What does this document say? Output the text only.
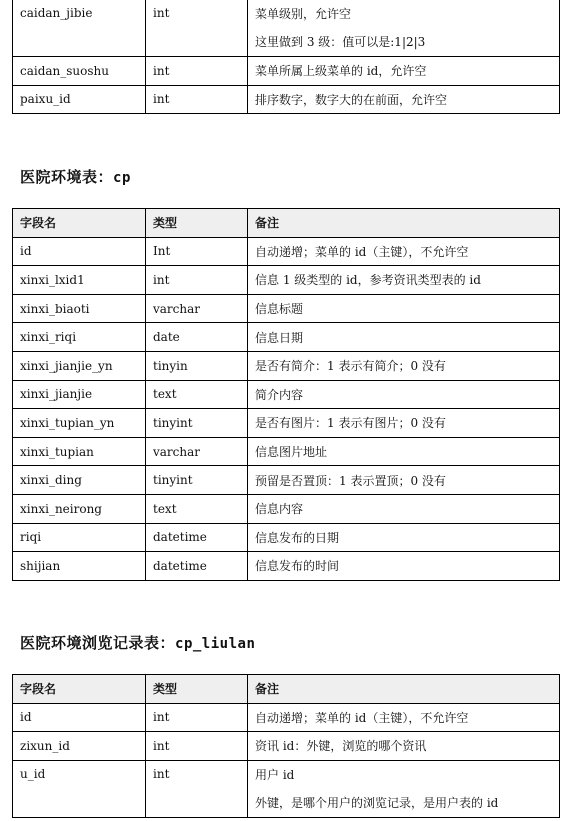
caidan_jibie	int	菜单级别，允许空
这里做到 3 级：值可以是:1|2|3

caidan_suoshu	int	菜单所属上级菜单的 id，允许空
paixu_id	int	排序数字，数字大的在前面，允许空
医院环境表：cp
字段名	类型	备注
id	Int	自动递增；菜单的 id（主键），不允许空
xinxi_lxid1	int	信息 1 级类型的 id，参考资讯类型表的 id
xinxi_biaoti	varchar	信息标题
xinxi_riqi	date	信息日期
xinxi_jianjie_yn	tinyin	是否有简介：1 表示有简介；0 没有
xinxi_jianjie	text	简介内容
xinxi_tupian_yn	tinyint	是否有图片：1 表示有图片；0 没有
xinxi_tupian	varchar	信息图片地址
xinxi_ding	tinyint	预留是否置顶：1 表示置顶；0 没有
xinxi_neirong	text	信息内容
riqi	datetime	信息发布的日期
shijian	datetime	信息发布的时间
医院环境浏览记录表：cp_liulan
字段名	类型	备注
id	int	自动递增；菜单的 id（主键），不允许空
zixun_id	int	资讯 id：外键，浏览的哪个资讯
u_id	int	用户 id
外键，是哪个用户的浏览记录，是用户表的 id
